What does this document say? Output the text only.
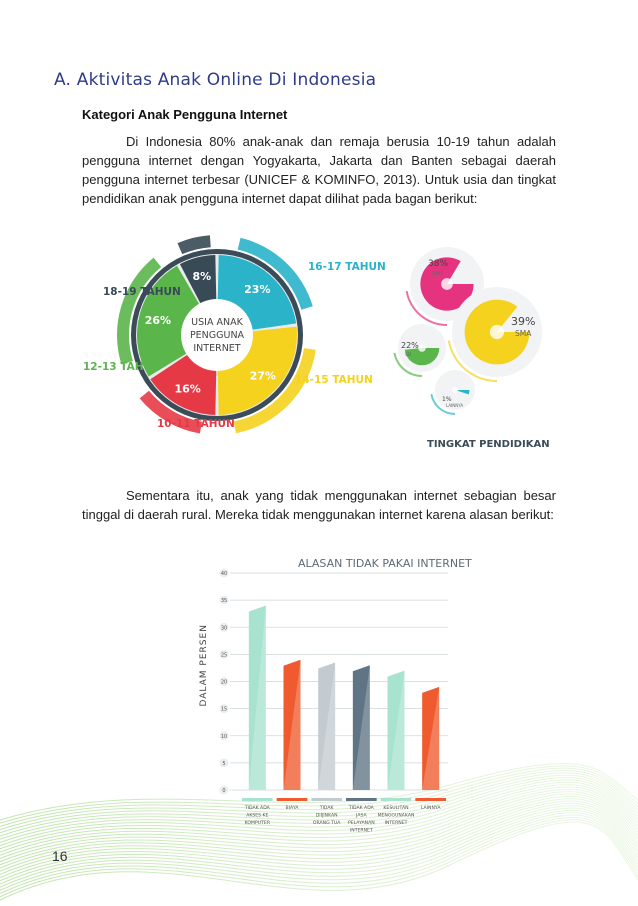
A. Aktivitas Anak Online Di Indonesia
Kategori Anak Pengguna Internet

Di Indonesia 80% anak-anak dan remaja berusia 10-19 tahun adalah pengguna internet dengan Yogyakarta, Jakarta dan Banten sebagai daerah pengguna internet terbesar (UNICEF & KOMINFO, 2013). Untuk usia dan tingkat pendidikan anak pengguna internet dapat dilihat pada bagan berikut:

23%
16-17 TAHUN
27% 14-15 TAHUN
16%
10-11 TAHUN
26%
12-13 TAHUN
8%
18-19 TAHUN
USIA ANAK
PENGGUNA
INTERNET
38%
SMP
39%
SMA
22%
SD
1%
LAINNYA
TINGKAT PENDIDIKAN

Sementara itu, anak yang tidak menggunakan internet sebagian besar tinggal di daerah rural. Mereka tidak menggunakan internet karena alasan berikut:

ALASAN TIDAK PAKAI INTERNET
0
5
10
15
20
25
30
35
40
DALAM PERSEN
TIDAK ADA
AKSES KE
KOMPUTER
BIAYA	TIDAK
DIIJINKAN
ORANG TUA
TIDAK ADA
JASA
PELAYANAN
INTERNET
KESULITAN
MENGGUNAKAN
INTERNET
LAINNYA
16
